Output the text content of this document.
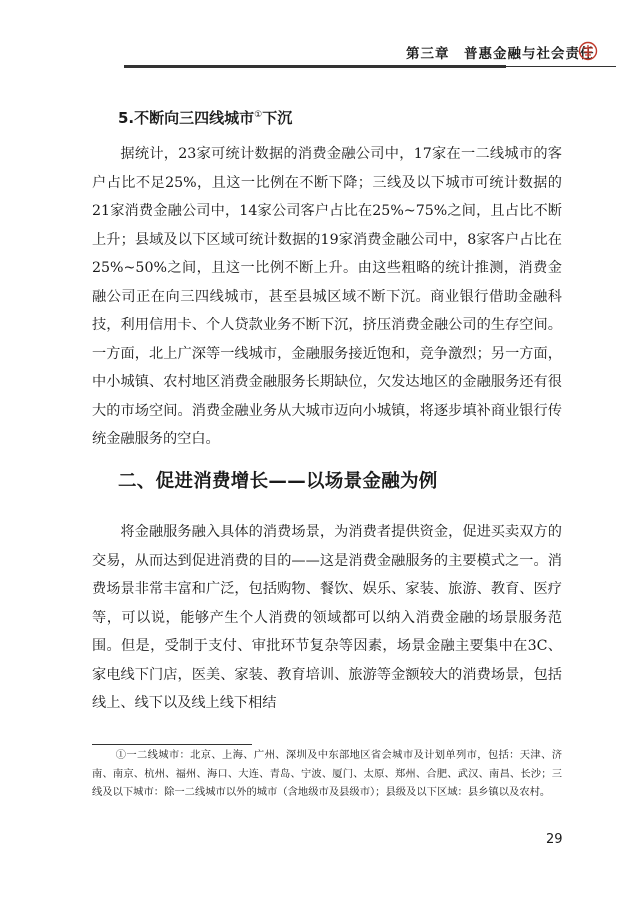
第三章　普惠金融与社会责任
5.不断向三四线城市①下沉

据统计，23家可统计数据的消费金融公司中，17家在一二线城市的客户占比不足25%，且这一比例在不断下降；三线及以下城市可统计数据的21家消费金融公司中，14家公司客户占比在25%~75%之间，且占比不断上升；县域及以下区域可统计数据的19家消费金融公司中，8家客户占比在25%~50%之间，且这一比例不断上升。由这些粗略的统计推测，消费金融公司正在向三四线城市，甚至县城区域不断下沉。商业银行借助金融科技，利用信用卡、个人贷款业务不断下沉，挤压消费金融公司的生存空间。一方面，北上广深等一线城市，金融服务接近饱和，竞争激烈；另一方面，中小城镇、农村地区消费金融服务长期缺位，欠发达地区的金融服务还有很大的市场空间。消费金融业务从大城市迈向小城镇，将逐步填补商业银行传统金融服务的空白。

二、促进消费增长——以场景金融为例

将金融服务融入具体的消费场景，为消费者提供资金，促进买卖双方的交易，从而达到促进消费的目的——这是消费金融服务的主要模式之一。消费场景非常丰富和广泛，包括购物、餐饮、娱乐、家装、旅游、教育、医疗等，可以说，能够产生个人消费的领域都可以纳入消费金融的场景服务范围。但是，受制于支付、审批环节复杂等因素，场景金融主要集中在3C、家电线下门店，医美、家装、教育培训、旅游等金额较大的消费场景，包括线上、线下以及线上线下相结

①一二线城市：北京、上海、广州、深圳及中东部地区省会城市及计划单列市，包括：天津、济南、南京、杭州、福州、海口、大连、青岛、宁波、厦门、太原、郑州、合肥、武汉、南昌、长沙；三线及以下城市：除一二线城市以外的城市（含地级市及县级市）；县级及以下区域：县乡镇以及农村。

29
